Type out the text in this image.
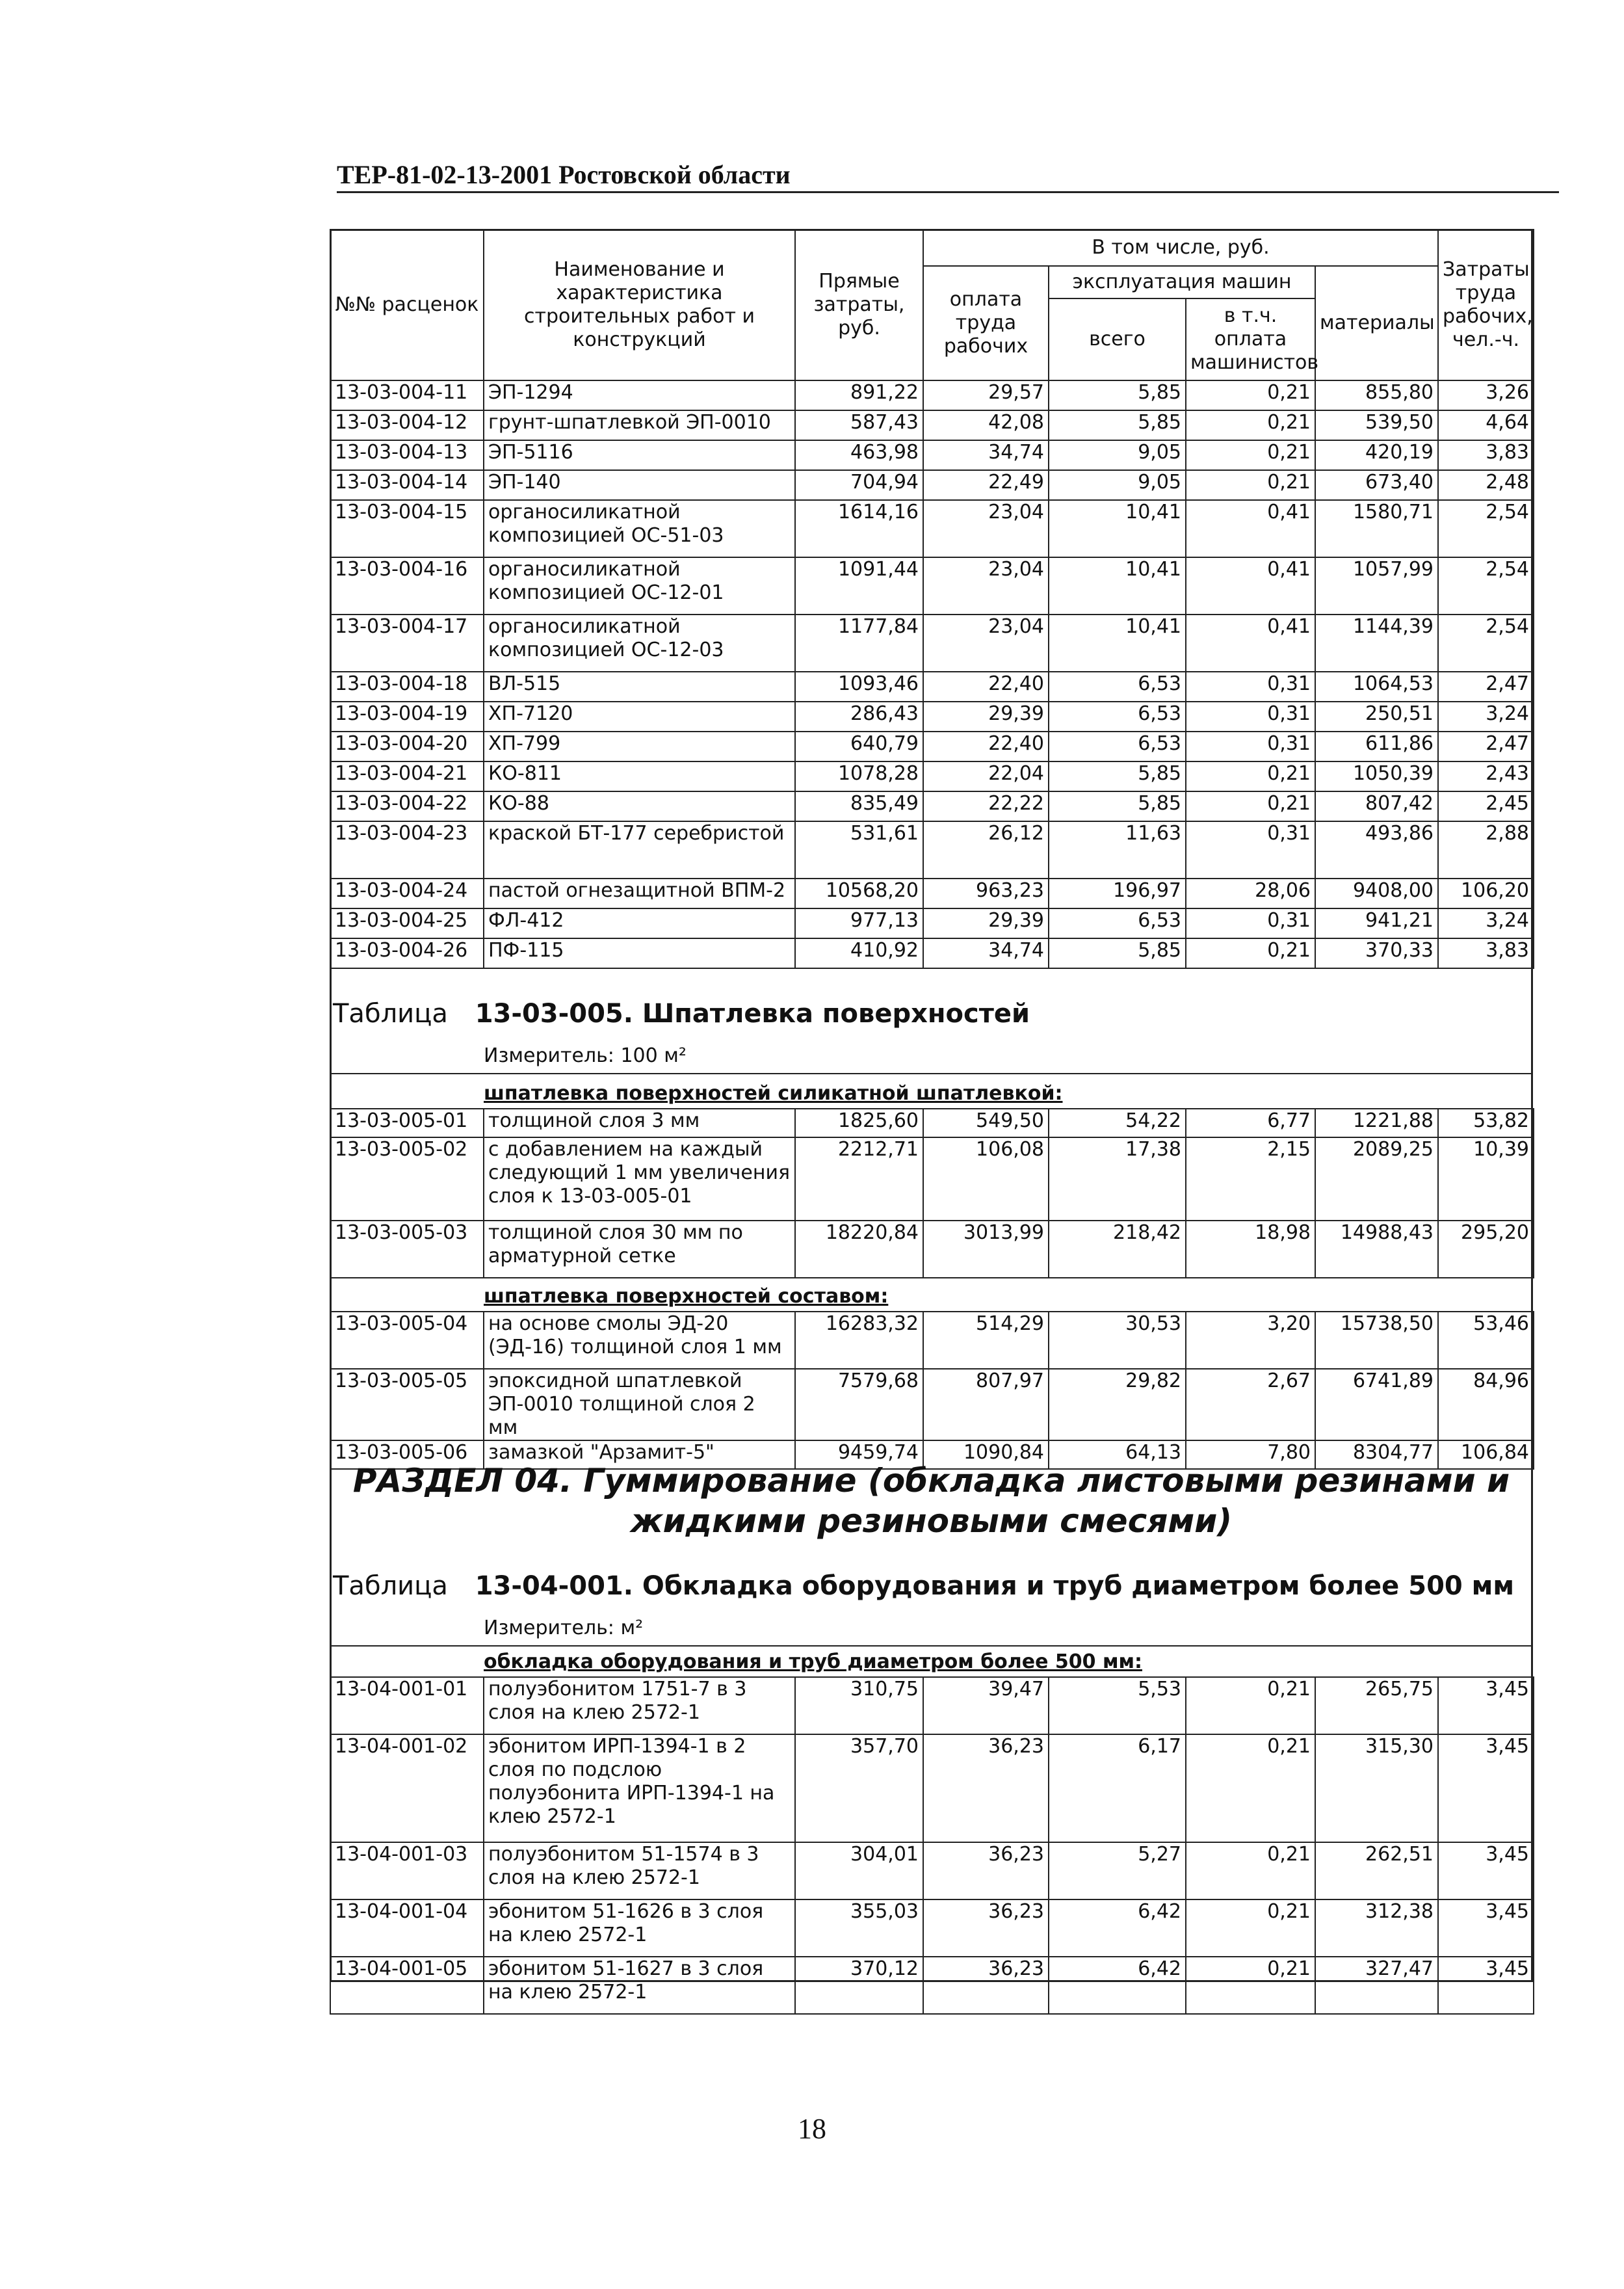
ТЕР-81-02-13-2001 Ростовской области
№№ расценок	Наименование и характеристика строительных работ и конструкций	Прямые затраты, руб.	В том числе, руб.				Затраты труда рабочих, чел.-ч.
			оплата труда рабочих	эксплуатация машин		материалы	
				всего	в т.ч. оплата машинистов		
13-03-004-11	ЭП-1294	891,22	29,57	5,85	0,21	855,80	3,26
13-03-004-12	грунт-шпатлевкой ЭП-0010	587,43	42,08	5,85	0,21	539,50	4,64
13-03-004-13	ЭП-5116	463,98	34,74	9,05	0,21	420,19	3,83
13-03-004-14	ЭП-140	704,94	22,49	9,05	0,21	673,40	2,48
13-03-004-15	органосиликатной композицией ОС-51-03	1614,16	23,04	10,41	0,41	1580,71	2,54
13-03-004-16	органосиликатной композицией ОС-12-01	1091,44	23,04	10,41	0,41	1057,99	2,54
13-03-004-17	органосиликатной композицией ОС-12-03	1177,84	23,04	10,41	0,41	1144,39	2,54
13-03-004-18	ВЛ-515	1093,46	22,40	6,53	0,31	1064,53	2,47
13-03-004-19	ХП-7120	286,43	29,39	6,53	0,31	250,51	3,24
13-03-004-20	ХП-799	640,79	22,40	6,53	0,31	611,86	2,47
13-03-004-21	КО-811	1078,28	22,04	5,85	0,21	1050,39	2,43
13-03-004-22	КО-88	835,49	22,22	5,85	0,21	807,42	2,45
13-03-004-23	краской БТ-177 серебристой	531,61	26,12	11,63	0,31	493,86	2,88
13-03-004-24	пастой огнезащитной ВПМ-2	10568,20	963,23	196,97	28,06	9408,00	106,20
13-03-004-25	ФЛ-412	977,13	29,39	6,53	0,31	941,21	3,24
13-03-004-26	ПФ-115	410,92	34,74	5,85	0,21	370,33	3,83
Таблица 13-03-005. Шпатлевка поверхностей
Измеритель: 100 м²
шпатлевка поверхностей силикатной шпатлевкой:
13-03-005-01	толщиной слоя 3 мм	1825,60	549,50	54,22	6,77	1221,88	53,82
13-03-005-02	с добавлением на каждый следующий 1 мм увеличения слоя к 13-03-005-01	2212,71	106,08	17,38	2,15	2089,25	10,39
13-03-005-03	толщиной слоя 30 мм по арматурной сетке	18220,84	3013,99	218,42	18,98	14988,43	295,20
шпатлевка поверхностей составом:
13-03-005-04	на основе смолы ЭД-20 (ЭД-16) толщиной слоя 1 мм	16283,32	514,29	30,53	3,20	15738,50	53,46
13-03-005-05	эпоксидной шпатлевкой ЭП-0010 толщиной слоя 2 мм	7579,68	807,97	29,82	2,67	6741,89	84,96
13-03-005-06	замазкой "Арзамит-5"	9459,74	1090,84	64,13	7,80	8304,77	106,84
РАЗДЕЛ 04. Гуммирование (обкладка листовыми резинами и
жидкими резиновыми смесями)
Таблица 13-04-001. Обкладка оборудования и труб диаметром более 500 мм
Измеритель: м²
обкладка оборудования и труб диаметром более 500 мм:
13-04-001-01	полуэбонитом 1751-7 в 3 слоя на клею 2572-1	310,75	39,47	5,53	0,21	265,75	3,45
13-04-001-02	эбонитом ИРП-1394-1 в 2 слоя по подслою полуэбонита ИРП-1394-1 на клею 2572-1	357,70	36,23	6,17	0,21	315,30	3,45
13-04-001-03	полуэбонитом 51-1574 в 3 слоя на клею 2572-1	304,01	36,23	5,27	0,21	262,51	3,45
13-04-001-04	эбонитом 51-1626 в 3 слоя на клею 2572-1	355,03	36,23	6,42	0,21	312,38	3,45
13-04-001-05	эбонитом 51-1627 в 3 слоя на клею 2572-1	370,12	36,23	6,42	0,21	327,47	3,45
18
